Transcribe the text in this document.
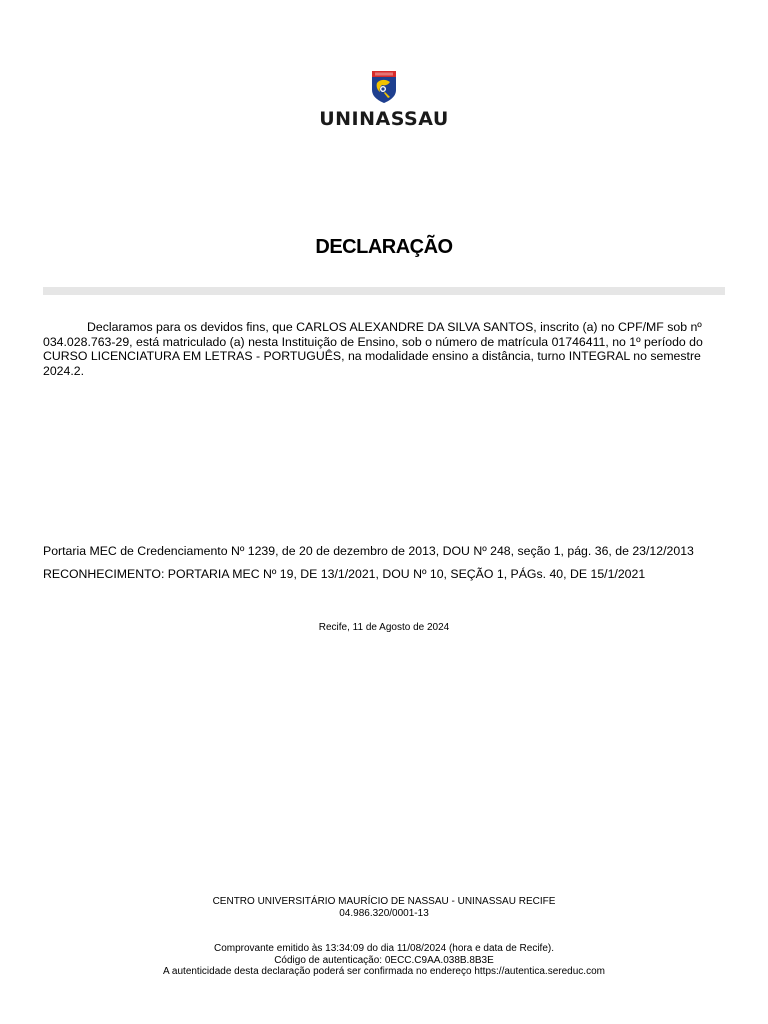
UNINASSAU
DECLARAÇÃO

Declaramos para os devidos fins, que CARLOS ALEXANDRE DA SILVA SANTOS, inscrito (a) no CPF/MF sob nº 034.028.763-29, está matriculado (a) nesta Instituição de Ensino, sob o número de matrícula 01746411, no 1º período do CURSO LICENCIATURA EM LETRAS - PORTUGUÊS, na modalidade ensino a distância, turno INTEGRAL no semestre 2024.2.

Portaria MEC de Credenciamento Nº 1239, de 20 de dezembro de 2013, DOU Nº 248, seção 1, pág. 36, de 23/12/2013
RECONHECIMENTO: PORTARIA MEC Nº 19, DE 13/1/2021, DOU Nº 10, SEÇÃO 1, PÁGs. 40, DE 15/1/2021
Recife, 11 de Agosto de 2024
CENTRO UNIVERSITÁRIO MAURÍCIO DE NASSAU - UNINASSAU RECIFE
04.986.320/0001-13
Comprovante emitido às 13:34:09 do dia 11/08/2024 (hora e data de Recife).
Código de autenticação: 0ECC.C9AA.038B.8B3E
A autenticidade desta declaração poderá ser confirmada no endereço https://autentica.sereduc.com
